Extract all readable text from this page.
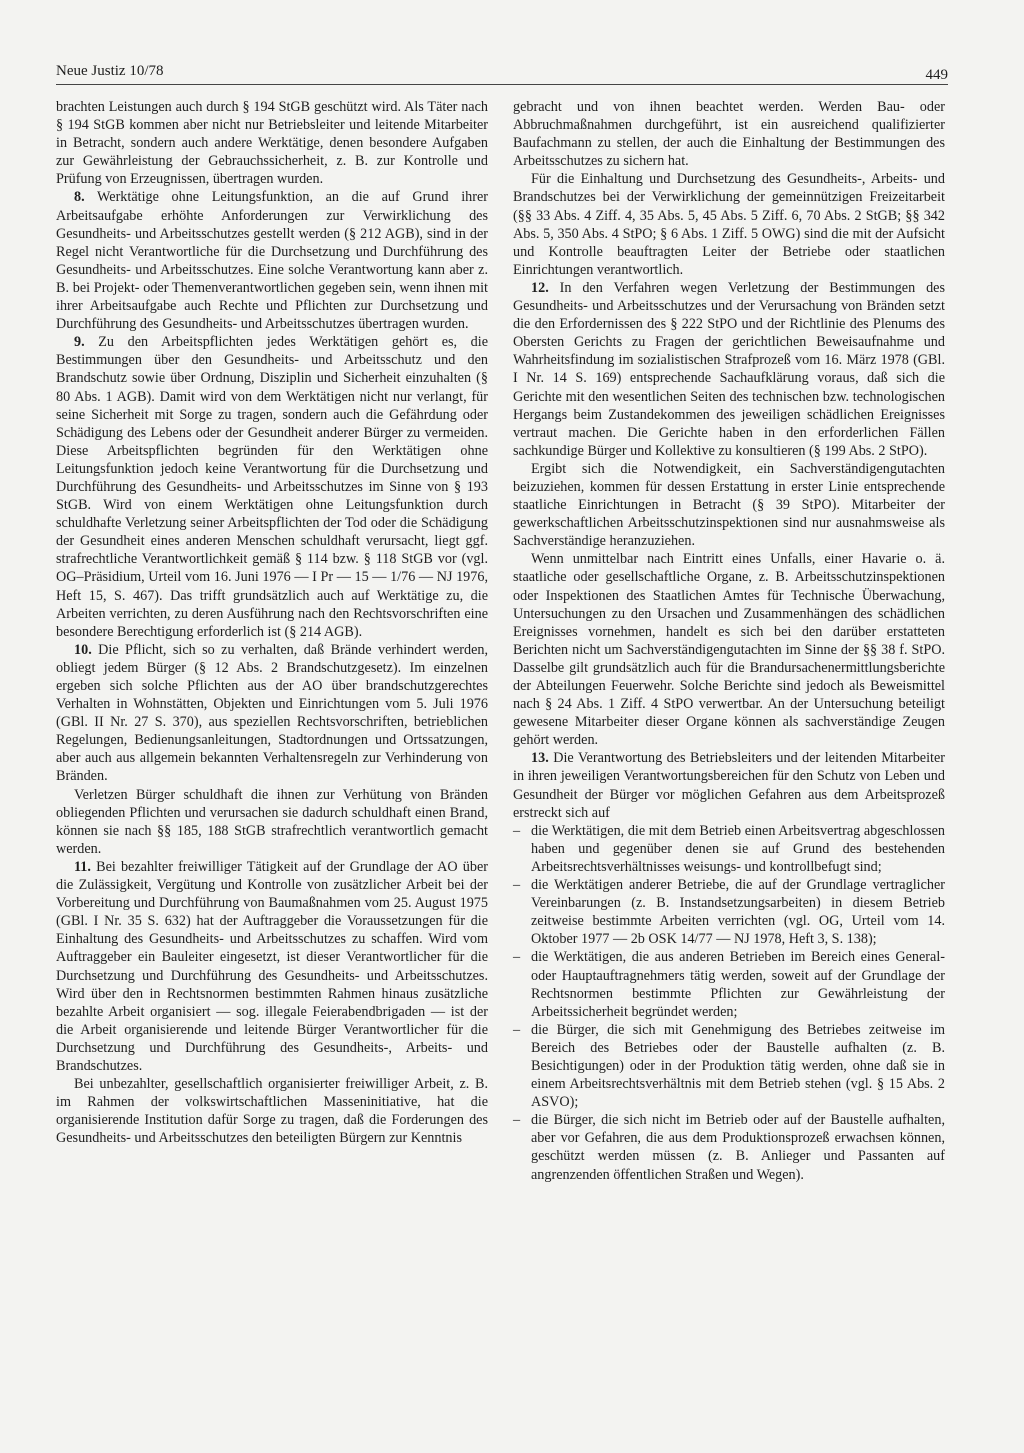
Neue Justiz 10/78	449

brachten Leistungen auch durch § 194 StGB geschützt wird. Als Täter nach § 194 StGB kommen aber nicht nur Betriebsleiter und leitende Mitarbeiter in Betracht, sondern auch andere Werktätige, denen besondere Aufgaben zur Gewährleistung der Gebrauchssicherheit, z. B. zur Kontrolle und Prüfung von Erzeugnissen, übertragen wurden.

8. Werktätige ohne Leitungsfunktion, an die auf Grund ihrer Arbeitsaufgabe erhöhte Anforderungen zur Verwirklichung des Gesundheits- und Arbeitsschutzes gestellt werden (§ 212 AGB), sind in der Regel nicht Verantwortliche für die Durchsetzung und Durchführung des Gesundheits- und Arbeitsschutzes. Eine solche Verantwortung kann aber z. B. bei Projekt- oder Themenverantwortlichen gegeben sein, wenn ihnen mit ihrer Arbeitsaufgabe auch Rechte und Pflichten zur Durchsetzung und Durchführung des Gesundheits- und Arbeitsschutzes übertragen wurden.

9. Zu den Arbeitspflichten jedes Werktätigen gehört es, die Bestimmungen über den Gesundheits- und Arbeitsschutz und den Brandschutz sowie über Ordnung, Disziplin und Sicherheit einzuhalten (§ 80 Abs. 1 AGB). Damit wird von dem Werktätigen nicht nur verlangt, für seine Sicherheit mit Sorge zu tragen, sondern auch die Gefährdung oder Schädigung des Lebens oder der Gesundheit anderer Bürger zu vermeiden. Diese Arbeitspflichten begründen für den Werktätigen ohne Leitungsfunktion jedoch keine Verantwortung für die Durchsetzung und Durchführung des Gesundheits- und Arbeitsschutzes im Sinne von § 193 StGB. Wird von einem Werktätigen ohne Leitungsfunktion durch schuldhafte Verletzung seiner Arbeitspflichten der Tod oder die Schädigung der Gesundheit eines anderen Menschen schuldhaft verursacht, liegt ggf. strafrechtliche Verantwortlichkeit gemäß § 114 bzw. § 118 StGB vor (vgl. OG–Präsidium, Urteil vom 16. Juni 1976 — I Pr — 15 — 1/76 — NJ 1976, Heft 15, S. 467). Das trifft grundsätzlich auch auf Werktätige zu, die Arbeiten verrichten, zu deren Ausführung nach den Rechtsvorschriften eine besondere Berechtigung erforderlich ist (§ 214 AGB).

10. Die Pflicht, sich so zu verhalten, daß Brände verhindert werden, obliegt jedem Bürger (§ 12 Abs. 2 Brandschutzgesetz). Im einzelnen ergeben sich solche Pflichten aus der AO über brandschutzgerechtes Verhalten in Wohnstätten, Objekten und Einrichtungen vom 5. Juli 1976 (GBl. II Nr. 27 S. 370), aus speziellen Rechtsvorschriften, betrieblichen Regelungen, Bedienungsanleitungen, Stadtordnungen und Ortssatzungen, aber auch aus allgemein bekannten Verhaltensregeln zur Verhinderung von Bränden.

Verletzen Bürger schuldhaft die ihnen zur Verhütung von Bränden obliegenden Pflichten und verursachen sie dadurch schuldhaft einen Brand, können sie nach §§ 185, 188 StGB strafrechtlich verantwortlich gemacht werden.

11. Bei bezahlter freiwilliger Tätigkeit auf der Grundlage der AO über die Zulässigkeit, Vergütung und Kontrolle von zusätzlicher Arbeit bei der Vorbereitung und Durchführung von Baumaßnahmen vom 25. August 1975 (GBl. I Nr. 35 S. 632) hat der Auftraggeber die Voraussetzungen für die Einhaltung des Gesundheits- und Arbeitsschutzes zu schaffen. Wird vom Auftraggeber ein Bauleiter eingesetzt, ist dieser Verantwortlicher für die Durchsetzung und Durchführung des Gesundheits- und Arbeitsschutzes. Wird über den in Rechtsnormen bestimmten Rahmen hinaus zusätzliche bezahlte Arbeit organisiert — sog. illegale Feierabendbrigaden — ist der die Arbeit organisierende und leitende Bürger Verantwortlicher für die Durchsetzung und Durchführung des Gesundheits-, Arbeits- und Brandschutzes.

Bei unbezahlter, gesellschaftlich organisierter freiwilliger Arbeit, z. B. im Rahmen der volkswirtschaftlichen Masseninitiative, hat die organisierende Institution dafür Sorge zu tragen, daß die Forderungen des Gesundheits- und Arbeitsschutzes den beteiligten Bürgern zur Kenntnis

gebracht und von ihnen beachtet werden. Werden Bau- oder Abbruchmaßnahmen durchgeführt, ist ein ausreichend qualifizierter Baufachmann zu stellen, der auch die Einhaltung der Bestimmungen des Arbeitsschutzes zu sichern hat.

Für die Einhaltung und Durchsetzung des Gesundheits-, Arbeits- und Brandschutzes bei der Verwirklichung der gemeinnützigen Freizeitarbeit (§§ 33 Abs. 4 Ziff. 4, 35 Abs. 5, 45 Abs. 5 Ziff. 6, 70 Abs. 2 StGB; §§ 342 Abs. 5, 350 Abs. 4 StPO; § 6 Abs. 1 Ziff. 5 OWG) sind die mit der Aufsicht und Kontrolle beauftragten Leiter der Betriebe oder staatlichen Einrichtungen verantwortlich.

12. In den Verfahren wegen Verletzung der Bestimmungen des Gesundheits- und Arbeitsschutzes und der Verursachung von Bränden setzt die den Erfordernissen des § 222 StPO und der Richtlinie des Plenums des Obersten Gerichts zu Fragen der gerichtlichen Beweisaufnahme und Wahrheitsfindung im sozialistischen Strafprozeß vom 16. März 1978 (GBl. I Nr. 14 S. 169) entsprechende Sachaufklärung voraus, daß sich die Gerichte mit den wesentlichen Seiten des technischen bzw. technologischen Hergangs beim Zustandekommen des jeweiligen schädlichen Ereignisses vertraut machen. Die Gerichte haben in den erforderlichen Fällen sachkundige Bürger und Kollektive zu konsultieren (§ 199 Abs. 2 StPO).

Ergibt sich die Notwendigkeit, ein Sachverständigengutachten beizuziehen, kommen für dessen Erstattung in erster Linie entsprechende staatliche Einrichtungen in Betracht (§ 39 StPO). Mitarbeiter der gewerkschaftlichen Arbeitsschutzinspektionen sind nur ausnahmsweise als Sachverständige heranzuziehen.

Wenn unmittelbar nach Eintritt eines Unfalls, einer Havarie o. ä. staatliche oder gesellschaftliche Organe, z. B. Arbeitsschutzinspektionen oder Inspektionen des Staatlichen Amtes für Technische Überwachung, Untersuchungen zu den Ursachen und Zusammenhängen des schädlichen Ereignisses vornehmen, handelt es sich bei den darüber erstatteten Berichten nicht um Sachverständigengutachten im Sinne der §§ 38 f. StPO. Dasselbe gilt grundsätzlich auch für die Brandursachenermittlungsberichte der Abteilungen Feuerwehr. Solche Berichte sind jedoch als Beweismittel nach § 24 Abs. 1 Ziff. 4 StPO verwertbar. An der Untersuchung beteiligt gewesene Mitarbeiter dieser Organe können als sachverständige Zeugen gehört werden.

13. Die Verantwortung des Betriebsleiters und der leitenden Mitarbeiter in ihren jeweiligen Verantwortungsbereichen für den Schutz von Leben und Gesundheit der Bürger vor möglichen Gefahren aus dem Arbeitsprozeß erstreckt sich auf

– die Werktätigen, die mit dem Betrieb einen Arbeitsvertrag abgeschlossen haben und gegenüber denen sie auf Grund des bestehenden Arbeitsrechtsverhältnisses weisungs- und kontrollbefugt sind;
– die Werktätigen anderer Betriebe, die auf der Grundlage vertraglicher Vereinbarungen (z. B. Instandsetzungsarbeiten) in diesem Betrieb zeitweise bestimmte Arbeiten verrichten (vgl. OG, Urteil vom 14. Oktober 1977 — 2b OSK 14/77 — NJ 1978, Heft 3, S. 138);
– die Werktätigen, die aus anderen Betrieben im Bereich eines General- oder Hauptauftragnehmers tätig werden, soweit auf der Grundlage der Rechtsnormen bestimmte Pflichten zur Gewährleistung der Arbeitssicherheit begründet werden;
– die Bürger, die sich mit Genehmigung des Betriebes zeitweise im Bereich des Betriebes oder der Baustelle aufhalten (z. B. Besichtigungen) oder in der Produktion tätig werden, ohne daß sie in einem Arbeitsrechtsverhältnis mit dem Betrieb stehen (vgl. § 15 Abs. 2 ASVO);
– die Bürger, die sich nicht im Betrieb oder auf der Baustelle aufhalten, aber vor Gefahren, die aus dem Produktionsprozeß erwachsen können, geschützt werden müssen (z. B. Anlieger und Passanten auf angrenzenden öffentlichen Straßen und Wegen).
